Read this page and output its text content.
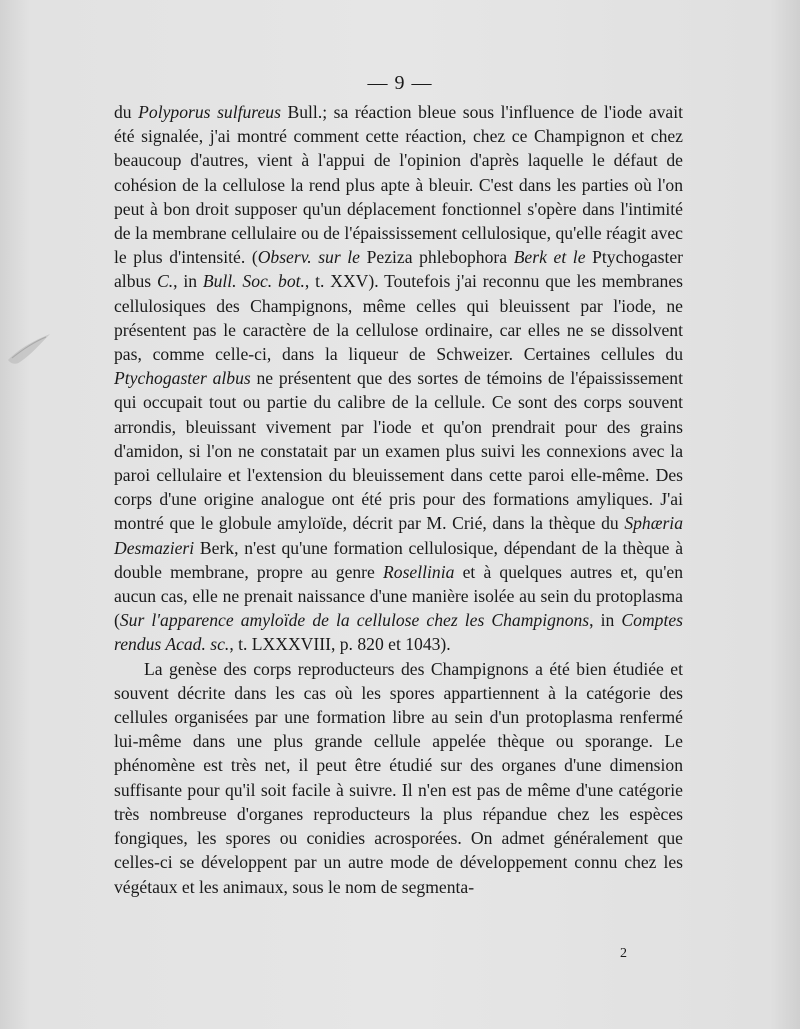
— 9 —

du Polyporus sulfureus Bull.; sa réaction bleue sous l'influence de l'iode avait été signalée, j'ai montré comment cette réaction, chez ce Champignon et chez beaucoup d'autres, vient à l'appui de l'opinion d'après laquelle le défaut de cohésion de la cellulose la rend plus apte à bleuir. C'est dans les parties où l'on peut à bon droit supposer qu'un déplacement fonctionnel s'opère dans l'intimité de la membrane cellulaire ou de l'épaississement cellulosique, qu'elle réagit avec le plus d'intensité. (Observ. sur le Peziza phlebophora Berk et le Ptychogaster albus C., in Bull. Soc. bot., t. XXV). Toutefois j'ai reconnu que les membranes cellulosiques des Champignons, même celles qui bleuissent par l'iode, ne présentent pas le caractère de la cellulose ordinaire, car elles ne se dissolvent pas, comme celle-ci, dans la liqueur de Schweizer. Certaines cellules du Ptychogaster albus ne présentent que des sortes de témoins de l'épaississement qui occupait tout ou partie du calibre de la cellule. Ce sont des corps souvent arrondis, bleuissant vivement par l'iode et qu'on prendrait pour des grains d'amidon, si l'on ne constatait par un examen plus suivi les connexions avec la paroi cellulaire et l'extension du bleuissement dans cette paroi elle-même. Des corps d'une origine analogue ont été pris pour des formations amyliques. J'ai montré que le globule amyloïde, décrit par M. Crié, dans la thèque du Sphæria Desmazieri Berk, n'est qu'une formation cellulosique, dépendant de la thèque à double membrane, propre au genre Rosellinia et à quelques autres et, qu'en aucun cas, elle ne prenait naissance d'une manière isolée au sein du protoplasma (Sur l'apparence amyloïde de la cellulose chez les Champignons, in Comptes rendus Acad. sc., t. LXXXVIII, p. 820 et 1043).

La genèse des corps reproducteurs des Champignons a été bien étudiée et souvent décrite dans les cas où les spores appartiennent à la catégorie des cellules organisées par une formation libre au sein d'un protoplasma renfermé lui-même dans une plus grande cellule appelée thèque ou sporange. Le phénomène est très net, il peut être étudié sur des organes d'une dimension suffisante pour qu'il soit facile à suivre. Il n'en est pas de même d'une catégorie très nombreuse d'organes reproducteurs la plus répandue chez les espèces fongiques, les spores ou conidies acrosporées. On admet généralement que celles-ci se développent par un autre mode de développement connu chez les végétaux et les animaux, sous le nom de segmenta-

2
